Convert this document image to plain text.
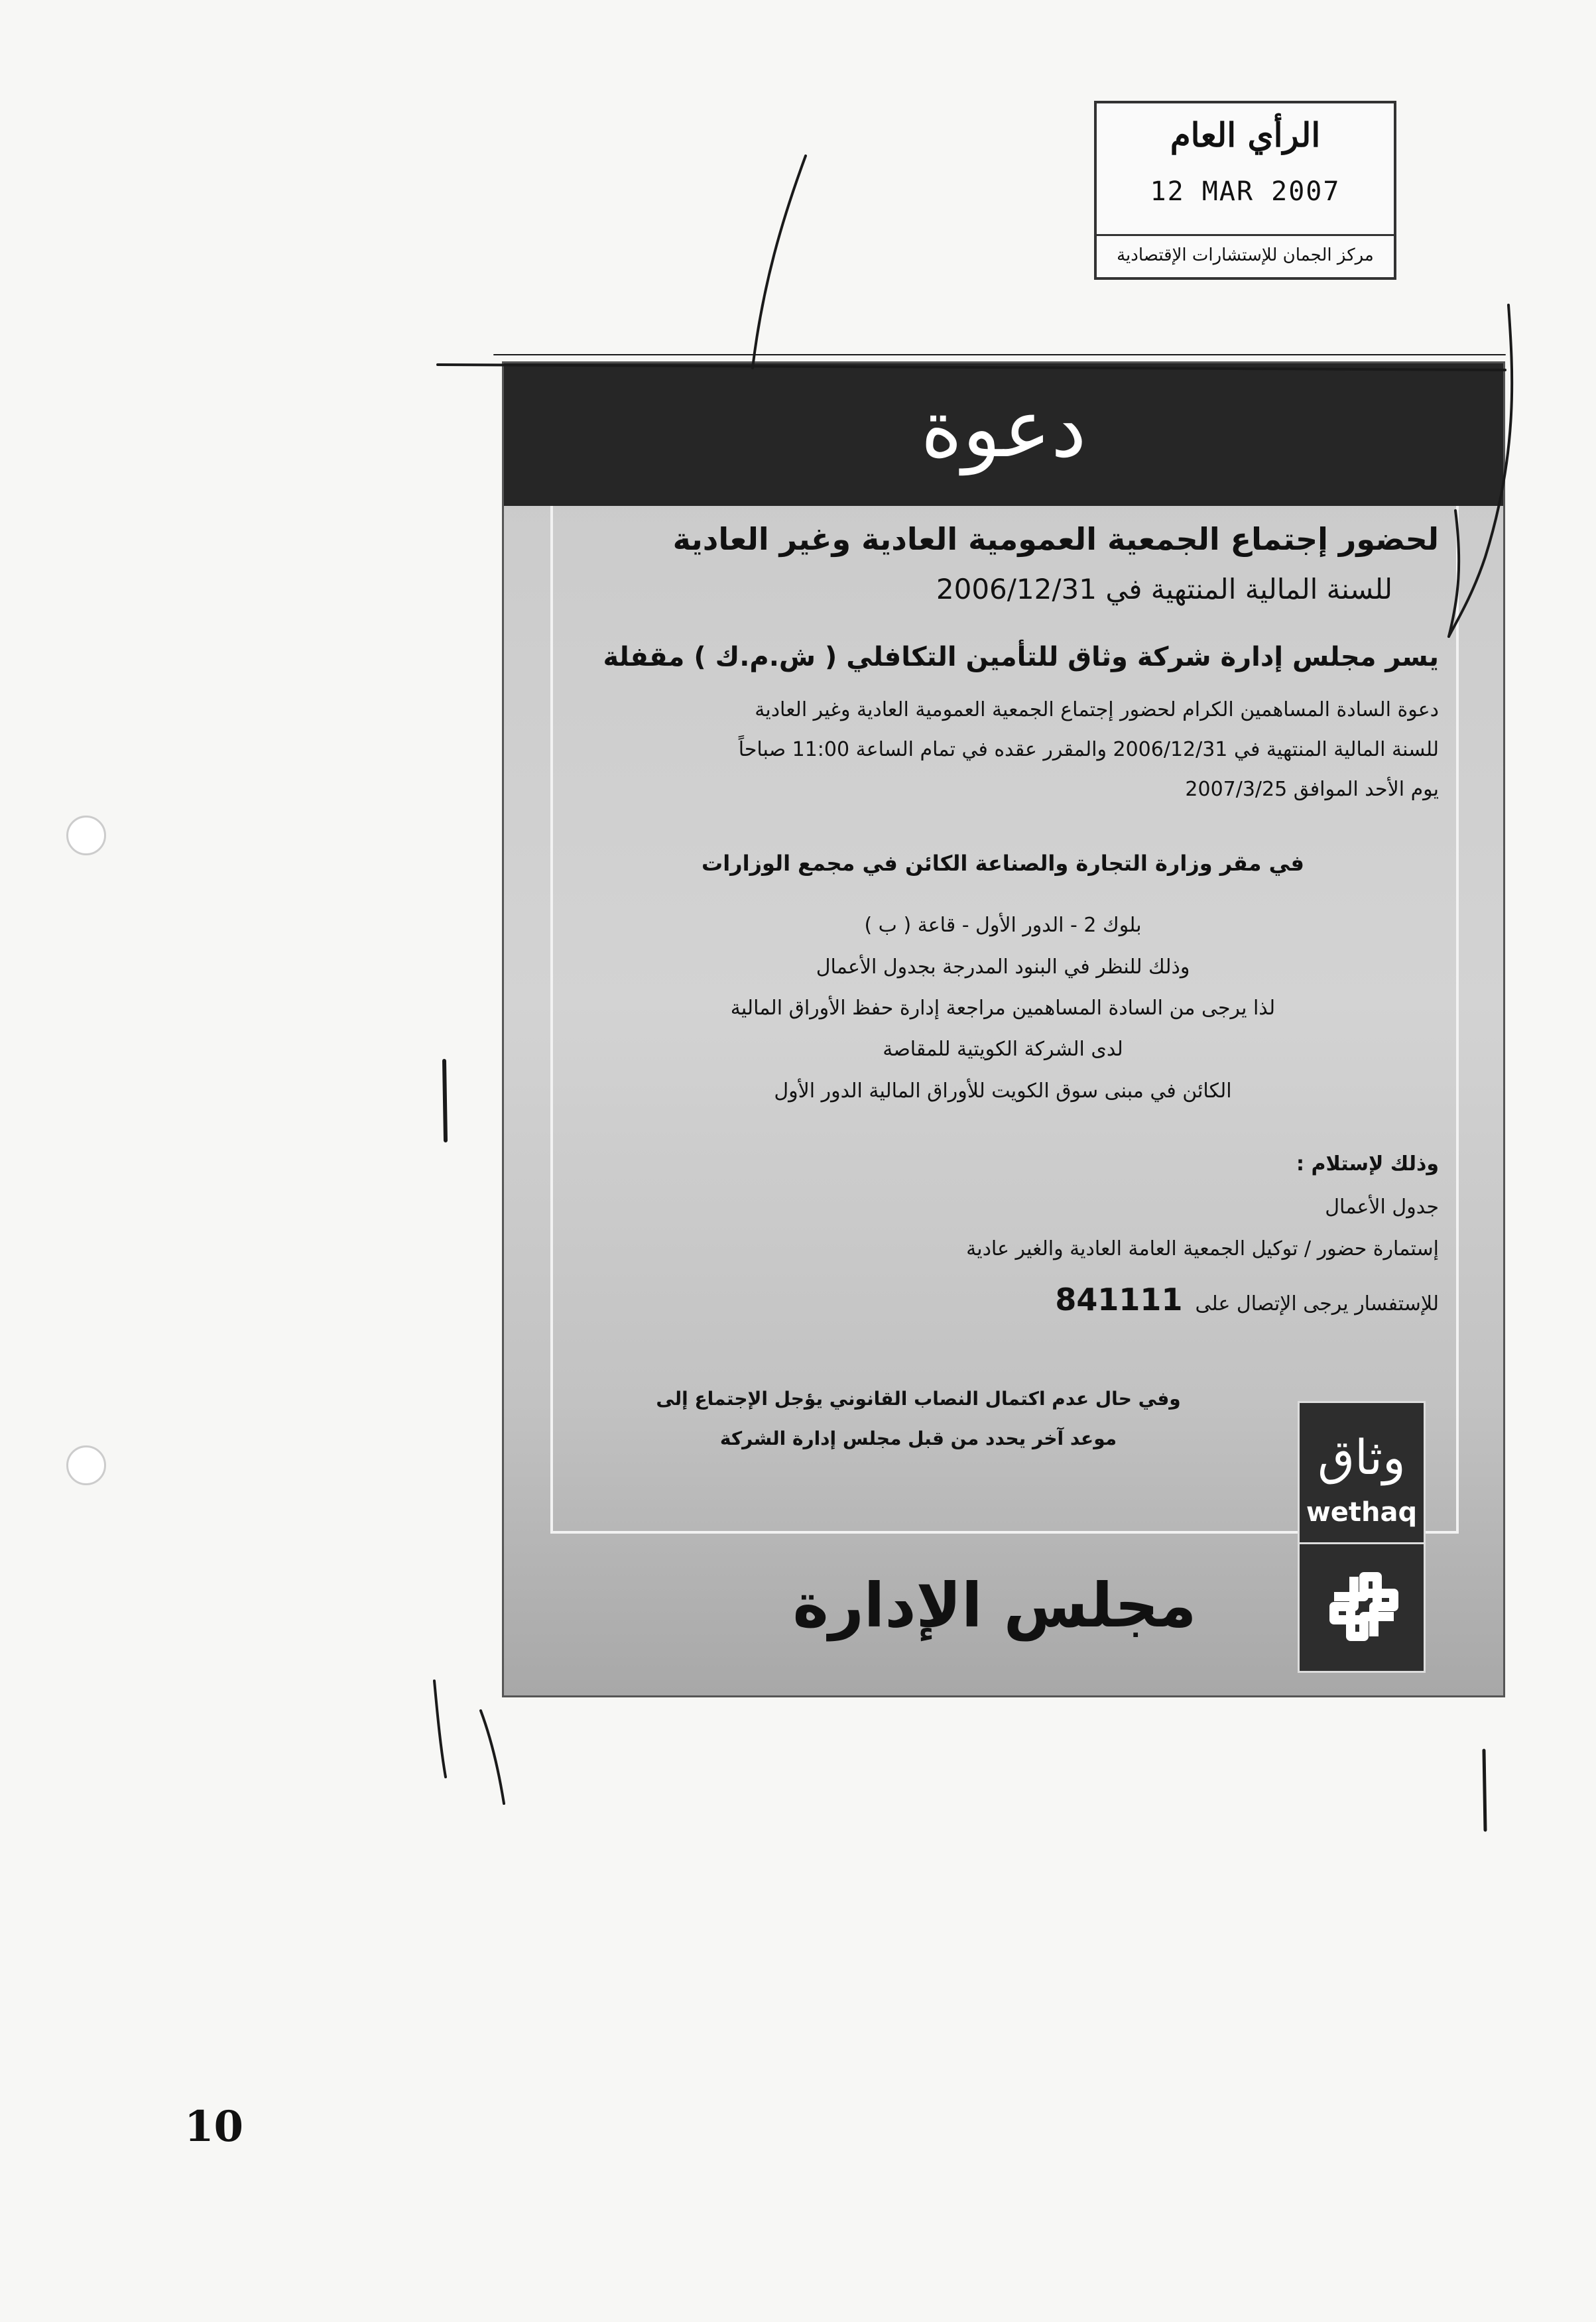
الرأي العام
12 MAR 2007
مركز الجمان للإستشارات الإقتصادية
دعوة
لحضور إجتماع الجمعية العمومية العادية وغير العادية
للسنة المالية المنتهية في 2006/12/31
يسر مجلس إدارة شركة وثاق للتأمين التكافلي ( ش.م.ك ) مقفلة
دعوة السادة المساهمين الكرام لحضور إجتماع الجمعية العمومية العادية وغير العادية
للسنة المالية المنتهية في 2006/12/31 والمقرر عقده في تمام الساعة 11:00 صباحاً
يوم الأحد الموافق 2007/3/25
في مقر وزارة التجارة والصناعة الكائن في مجمع الوزارات
بلوك 2 - الدور الأول - قاعة ( ب )
وذلك للنظر في البنود المدرجة بجدول الأعمال
لذا يرجى من السادة المساهمين مراجعة إدارة حفظ الأوراق المالية
لدى الشركة الكويتية للمقاصة
الكائن في مبنى سوق الكويت للأوراق المالية الدور الأول
وذلك لإستلام :
جدول الأعمال
إستمارة حضور / توكيل الجمعية العامة العادية والغير عادية
للإستفسار يرجى الإتصال على 841111
وفي حال عدم اكتمال النصاب القانوني يؤجل الإجتماع إلى
موعد آخر يحدد من قبل مجلس إدارة الشركة	وثاق
wethaq
مجلس الإدارة
10
